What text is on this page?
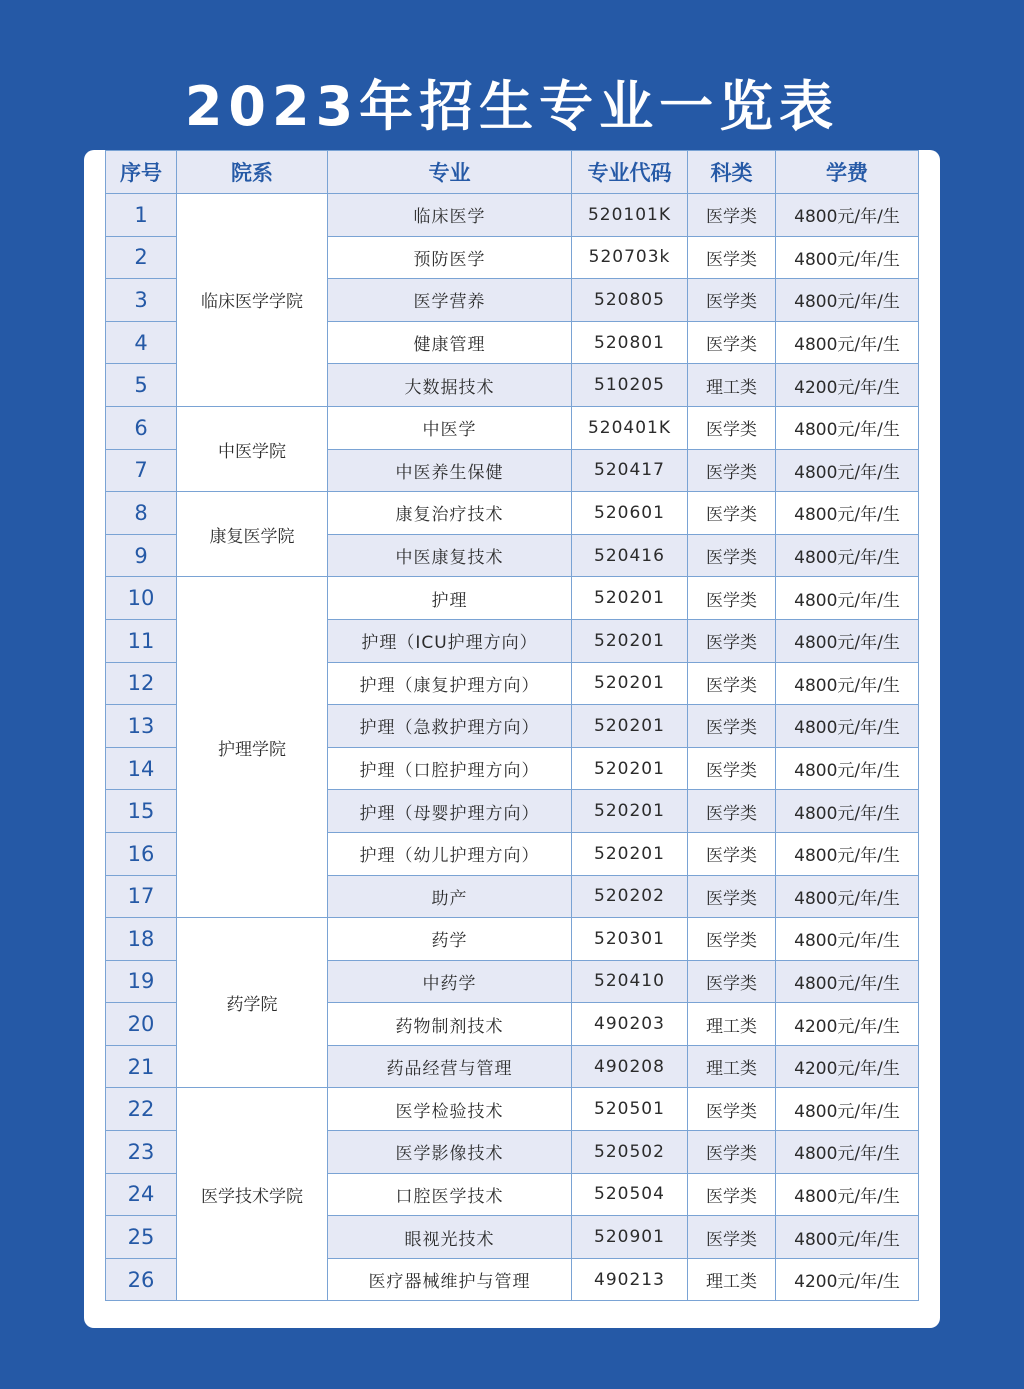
2023年招生专业一览表
序号	院系	专业	专业代码	科类	学费
1	临床医学学院	临床医学	520101K	医学类	4800元/年/生
2		预防医学	520703k	医学类	4800元/年/生
3		医学营养	520805	医学类	4800元/年/生
4		健康管理	520801	医学类	4800元/年/生
5		大数据技术	510205	理工类	4200元/年/生
6	中医学院	中医学	520401K	医学类	4800元/年/生
7		中医养生保健	520417	医学类	4800元/年/生
8	康复医学院	康复治疗技术	520601	医学类	4800元/年/生
9		中医康复技术	520416	医学类	4800元/年/生
10	护理学院	护理	520201	医学类	4800元/年/生
11		护理（ICU护理方向）	520201	医学类	4800元/年/生
12		护理（康复护理方向）	520201	医学类	4800元/年/生
13		护理（急救护理方向）	520201	医学类	4800元/年/生
14		护理（口腔护理方向）	520201	医学类	4800元/年/生
15		护理（母婴护理方向）	520201	医学类	4800元/年/生
16		护理（幼儿护理方向）	520201	医学类	4800元/年/生
17		助产	520202	医学类	4800元/年/生
18	药学院	药学	520301	医学类	4800元/年/生
19		中药学	520410	医学类	4800元/年/生
20		药物制剂技术	490203	理工类	4200元/年/生
21		药品经营与管理	490208	理工类	4200元/年/生
22	医学技术学院	医学检验技术	520501	医学类	4800元/年/生
23		医学影像技术	520502	医学类	4800元/年/生
24		口腔医学技术	520504	医学类	4800元/年/生
25		眼视光技术	520901	医学类	4800元/年/生
26		医疗器械维护与管理	490213	理工类	4200元/年/生
